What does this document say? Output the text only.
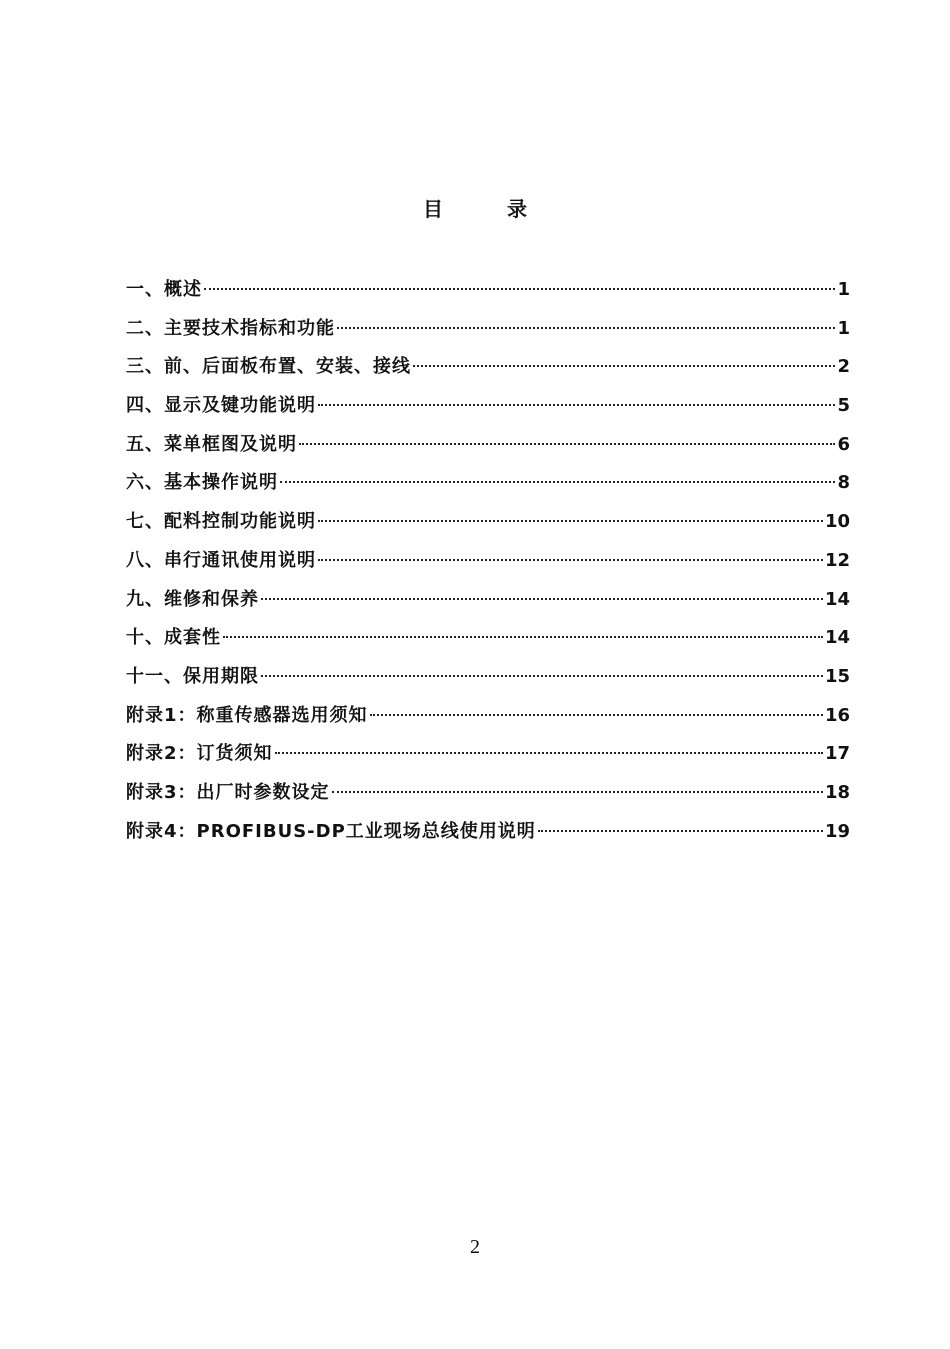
目录
一、概述	1
二、主要技术指标和功能	1
三、前、后面板布置、安装、接线	2
四、显示及键功能说明	5
五、菜单框图及说明	6
六、基本操作说明	8
七、配料控制功能说明	10
八、串行通讯使用说明	12
九、维修和保养	14
十、成套性	14
十一、保用期限	15
附录1：称重传感器选用须知	16
附录2：订货须知	17
附录3：出厂时参数设定	18
附录4：PROFIBUS-DP工业现场总线使用说明	19
2
